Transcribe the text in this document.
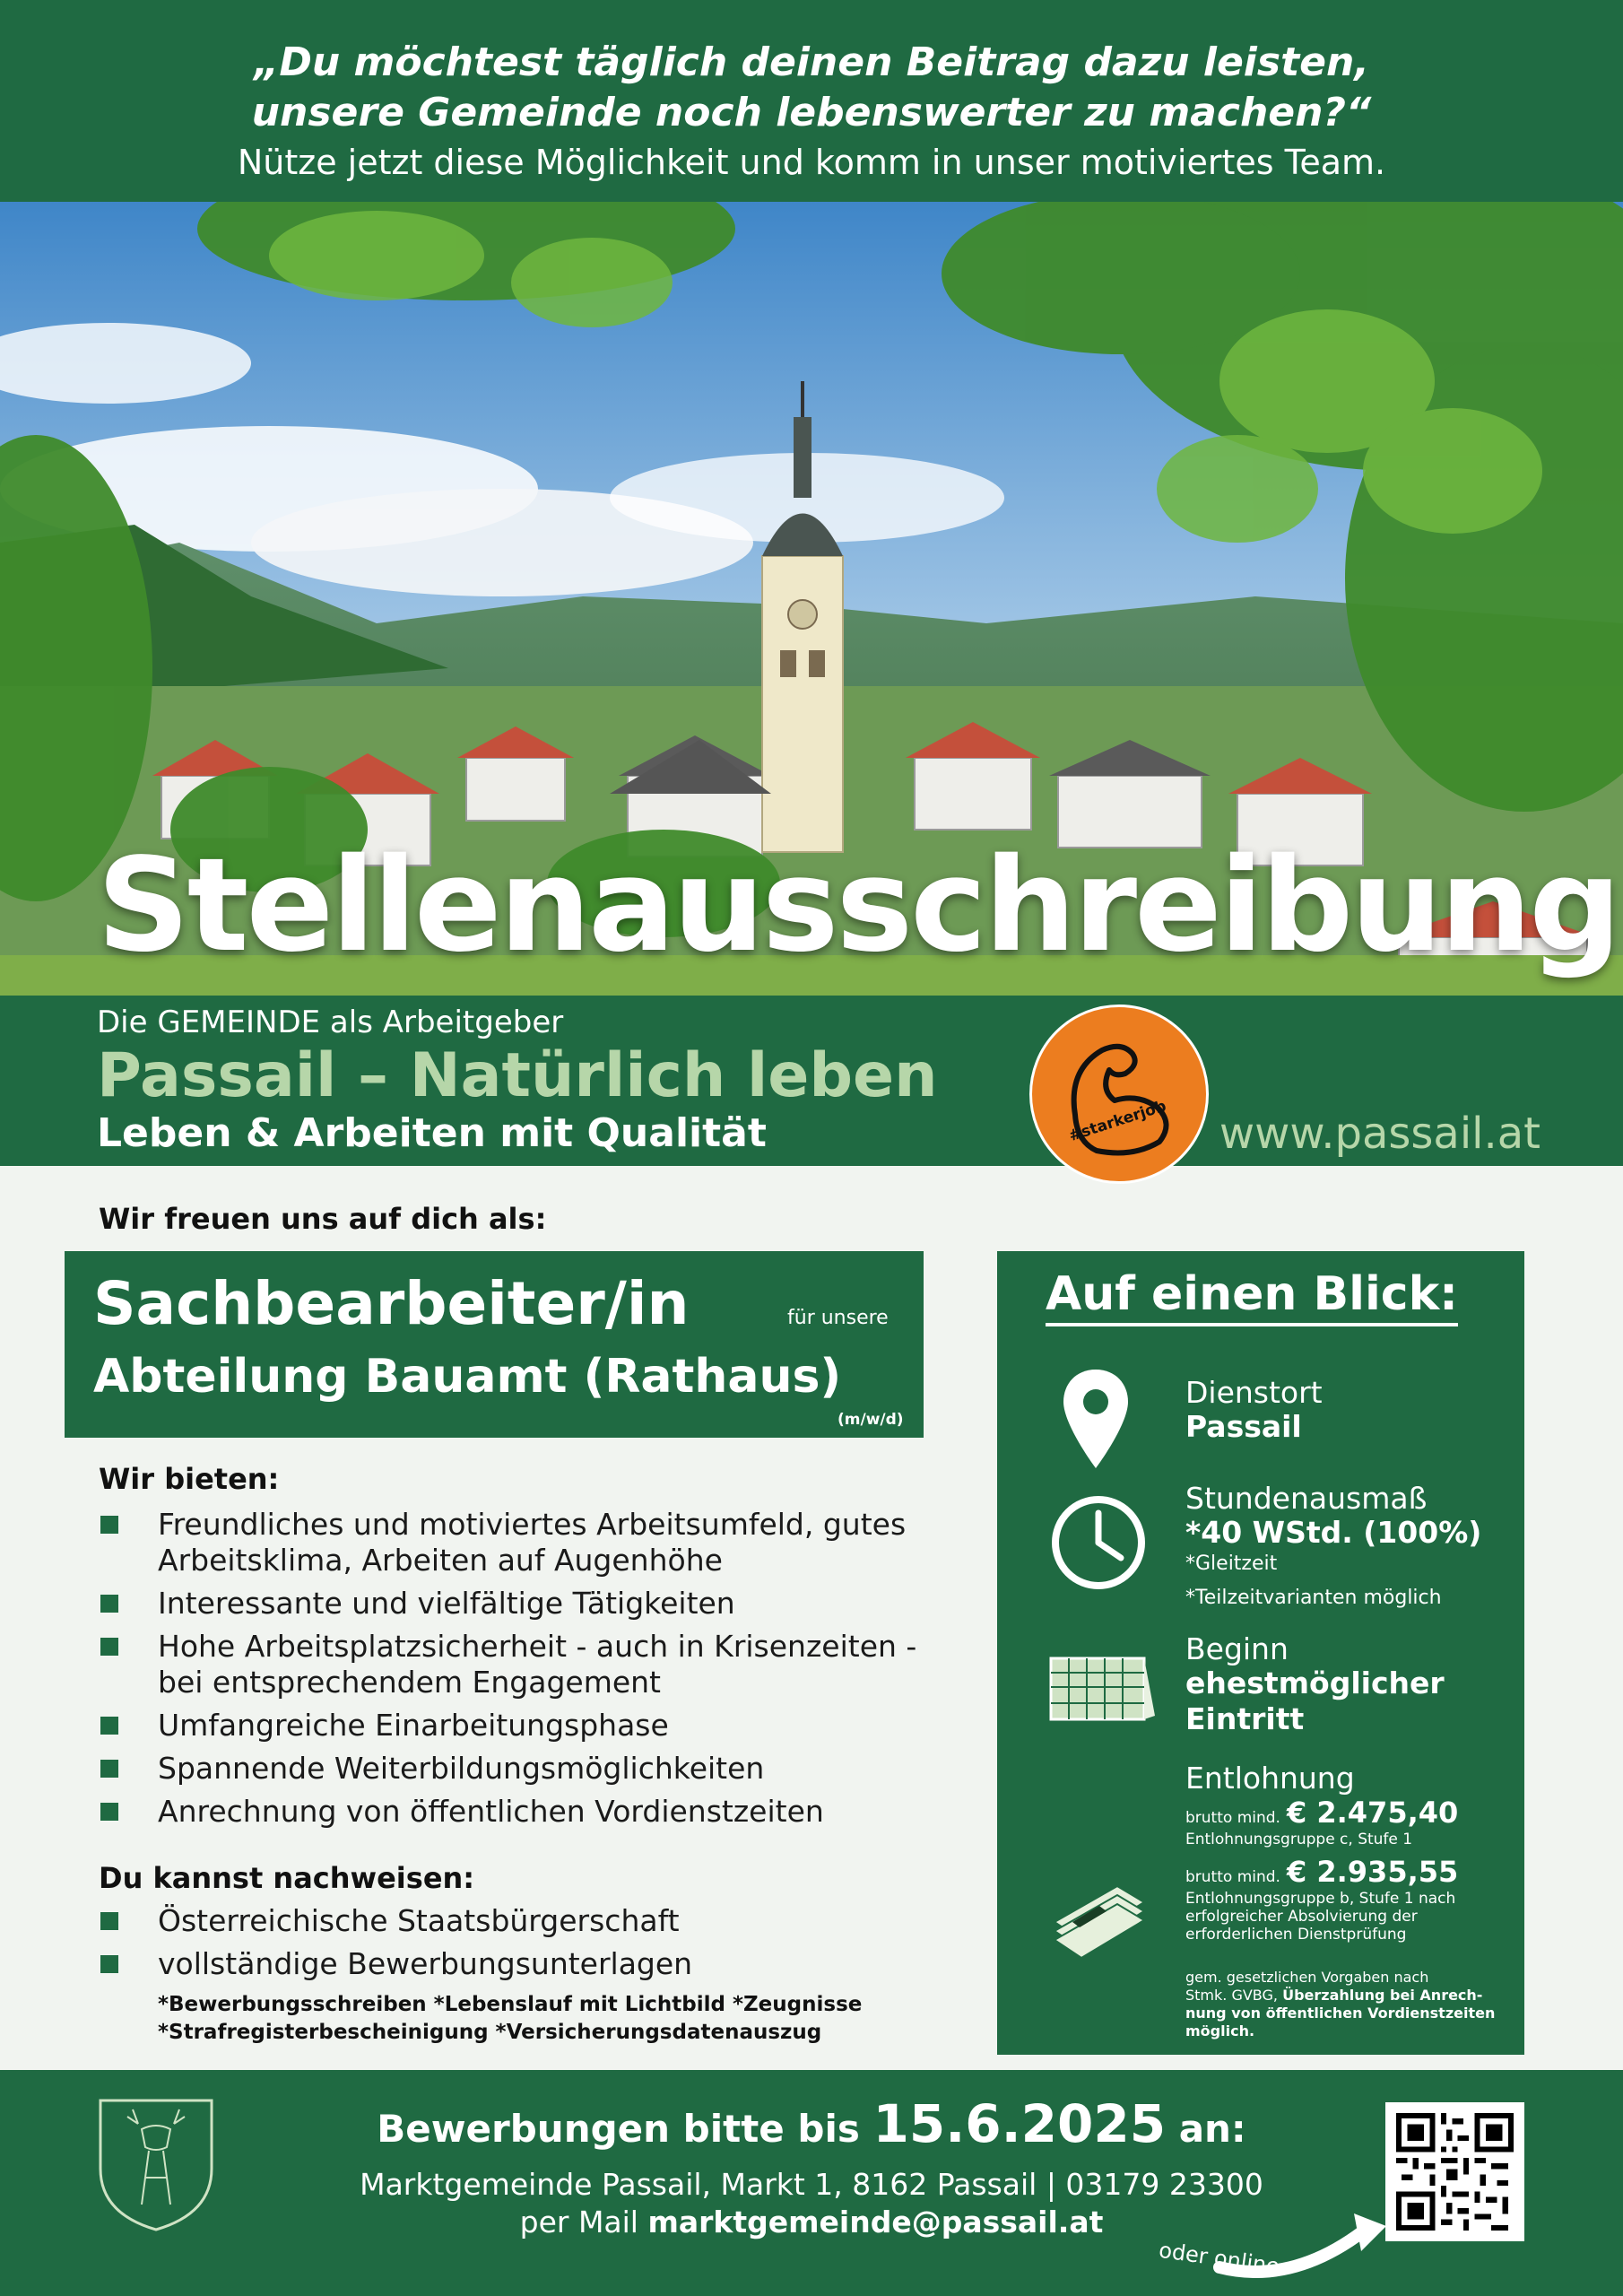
„Du möchtest täglich deinen Beitrag dazu leisten,
unsere Gemeinde noch lebenswerter zu machen?“
Nütze jetzt diese Möglichkeit und komm in unser motiviertes Team.
Stellenausschreibung
Die GEMEINDE als Arbeitgeber
Passail – Natürlich leben
Leben & Arbeiten mit Qualität	www.passail.at
#starkerjob
Wir freuen uns auf dich als:
Sachbearbeiter/in	für unsere
Abteilung Bauamt (Rathaus)
(m/w/d)
Wir bieten:
Freundliches und motiviertes Arbeitsumfeld, gutes Arbeitsklima, Arbeiten auf Augenhöhe
Interessante und vielfältige Tätigkeiten
Hohe Arbeitsplatzsicherheit - auch in Krisenzeiten - bei entsprechendem Engagement
Umfangreiche Einarbeitungsphase
Spannende Weiterbildungsmöglichkeiten
Anrechnung von öffentlichen Vordienstzeiten
Du kannst nachweisen:
Österreichische Staatsbürgerschaft
vollständige Bewerbungsunterlagen
*Bewerbungsschreiben *Lebenslauf mit Lichtbild *Zeugnisse
*Strafregisterbescheinigung *Versicherungsdatenauszug
Auf einen Blick:
Dienstort
Passail
Stundenausmaß
*40 WStd. (100%)
*Gleitzeit
*Teilzeitvarianten möglich
Beginn
ehestmöglicher
Eintritt
Entlohnung
brutto mind. € 2.475,40
Entlohnungsgruppe c, Stufe 1
brutto mind. € 2.935,55
Entlohnungsgruppe b, Stufe 1 nach
erfolgreicher Absolvierung der
erforderlichen Dienstprüfung
gem. gesetzlichen Vorgaben nach
Stmk. GVBG, Überzahlung bei Anrech-
nung von öffentlichen Vordienstzeiten
möglich.
Bewerbungen bitte bis 15.6.2025 an:
Marktgemeinde Passail, Markt 1, 8162 Passail | 03179 23300
per Mail marktgemeinde@passail.at
oder online
